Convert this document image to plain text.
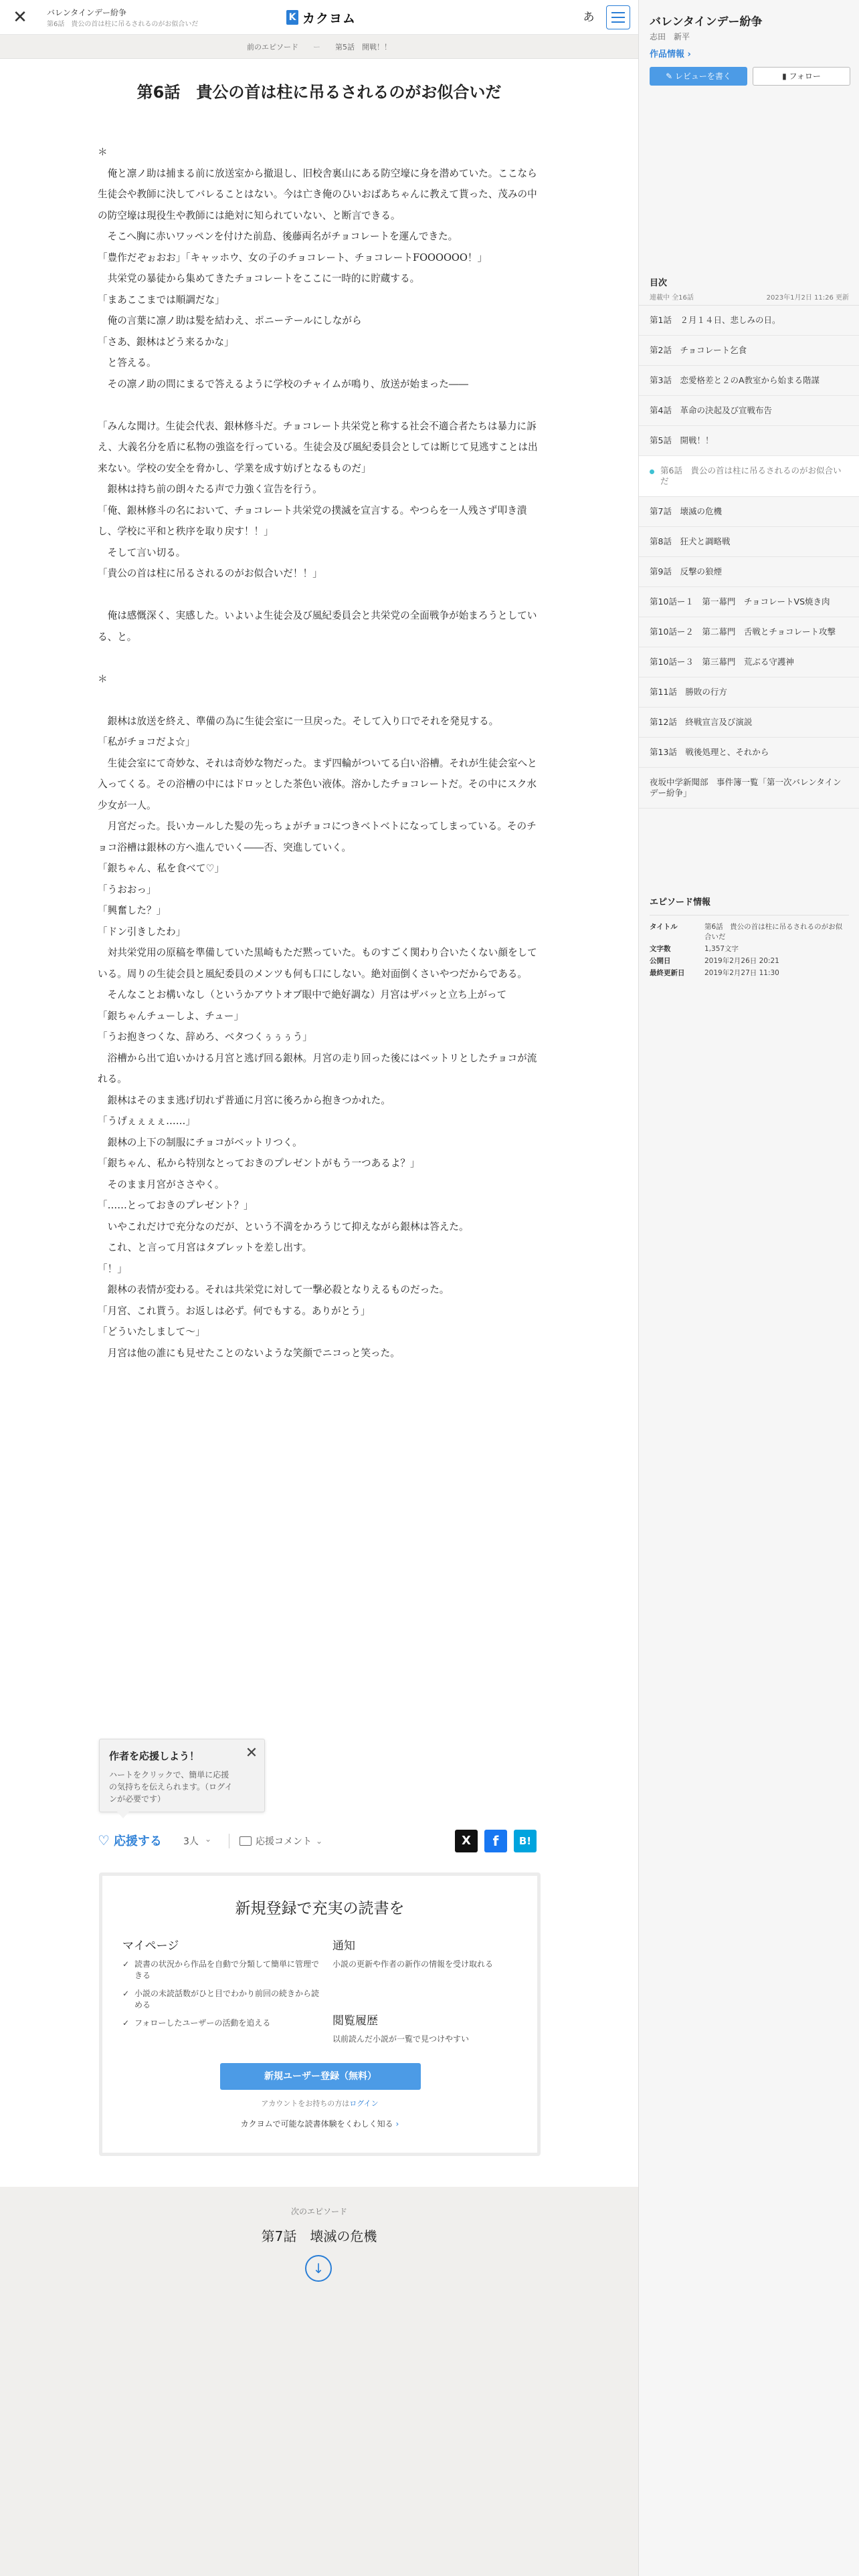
✕	バレンタインデー紛争
第6話　貴公の首は柱に吊るされるのがお似合いだ
K カクヨム	あ
前のエピソード ー 第5話　開戦！！
第6話　貴公の首は柱に吊るされるのがお似合いだ

＊

　俺と凛ノ助は捕まる前に放送室から撤退し、旧校舎裏山にある防空壕に身を潜めていた。ここなら生徒会や教師に決してバレることはない。今は亡き俺のひいおばあちゃんに教えて貰った、茂みの中の防空壕は現役生や教師には絶対に知られていない、と断言できる。

　そこへ胸に赤いワッペンを付けた前島、後藤両名がチョコレートを運んできた。

「豊作だぞぉおお」「キャッホウ、女の子のチョコレート、チョコレートFOOOOOO！」

　共栄党の暴徒から集めてきたチョコレートをここに一時的に貯蔵する。

「まあここまでは順調だな」

　俺の言葉に凛ノ助は髪を結わえ、ポニーテールにしながら

「さあ、銀林はどう来るかな」

　と答える。

　その凛ノ助の問にまるで答えるように学校のチャイムが鳴り、放送が始まった――

「みんな聞け。生徒会代表、銀林修斗だ。チョコレート共栄党と称する社会不適合者たちは暴力に訴え、大義名分を盾に私物の強盗を行っている。生徒会及び風紀委員会としては断じて見逃すことは出来ない。学校の安全を脅かし、学業を成す妨げとなるものだ」

　銀林は持ち前の朗々たる声で力強く宣告を行う。

「俺、銀林修斗の名において、チョコレート共栄党の撲滅を宣言する。やつらを一人残さず叩き潰し、学校に平和と秩序を取り戻す！！」

　そして言い切る。

「貴公の首は柱に吊るされるのがお似合いだ！！」

　俺は感慨深く、実感した。いよいよ生徒会及び風紀委員会と共栄党の全面戦争が始まろうとしている、と。

＊

　銀林は放送を終え、準備の為に生徒会室に一旦戻った。そして入り口でそれを発見する。

「私がチョコだよ☆」

　生徒会室にて奇妙な、それは奇妙な物だった。まず四輪がついてる白い浴槽。それが生徒会室へと入ってくる。その浴槽の中にはドロッとした茶色い液体。溶かしたチョコレートだ。その中にスク水少女が一人。

　月宮だった。長いカールした髪の先っちょがチョコにつきベトベトになってしまっている。そのチョコ浴槽は銀林の方へ進んでいく――否、突進していく。

「銀ちゃん、私を食べて♡」

「うおおっ」

「興奮した？」

「ドン引きしたわ」

　対共栄党用の原稿を準備していた黒崎もただ黙っていた。ものすごく関わり合いたくない顔をしている。周りの生徒会員と風紀委員のメンツも何も口にしない。絶対面倒くさいやつだからである。

　そんなことお構いなし（というかアウトオブ眼中で絶好調な）月宮はザバッと立ち上がって

「銀ちゃんチューしよ、チュー」

「うお抱きつくな、辞めろ、ベタつくぅぅぅう」

　浴槽から出て追いかける月宮と逃げ回る銀林。月宮の走り回った後にはベットリとしたチョコが流れる。

　銀林はそのまま逃げ切れず普通に月宮に後ろから抱きつかれた。

「うげぇぇぇぇ……」

　銀林の上下の制服にチョコがベットリつく。

「銀ちゃん、私から特別なとっておきのプレゼントがもう一つあるよ？」

　そのまま月宮がささやく。

「……とっておきのプレゼント？」

　いやこれだけで充分なのだが、という不満をかろうじて抑えながら銀林は答えた。

　これ、と言って月宮はタブレットを差し出す。

「！」

　銀林の表情が変わる。それは共栄党に対して一撃必殺となりえるものだった。

「月宮、これ貰う。お返しは必ず。何でもする。ありがとう」

「どういたしまして〜」

　月宮は他の誰にも見せたことのないような笑顔でニコっと笑った。

作者を応援しよう！	✕
ハートをクリックで、簡単に応援の気持ちを伝えられます。（ログインが必要です）
♡ 応援する 3人 ⌄	応援コメント ⌄	X	f	B!
新規登録で充実の読書を
マイページ
✓ 読書の状況から作品を自動で分類して簡単に管理できる
✓ 小説の未読話数がひと目でわかり前回の続きから読める
✓ フォローしたユーザーの活動を追える
通知
小説の更新や作者の新作の情報を受け取れる
閲覧履歴
以前読んだ小説が一覧で見つけやすい
新規ユーザー登録（無料）
アカウントをお持ちの方はログイン
カクヨムで可能な読書体験をくわしく知る ›
次のエピソード
第7話　壊滅の危機
↓
バレンタインデー紛争
志田　新平
作品情報 ›
✎ レビューを書く	▮ フォロー
目次
連載中 全16話	2023年1月2日 11:26 更新
第1話　２月１４日、悲しみの日。
第2話　チョコレート乞食
第3話　恋愛格差と２のA教室から始まる階謀
第4話　革命の決起及び宣戦布告
第5話　開戦！！
第6話　貴公の首は柱に吊るされるのがお似合いだ
第7話　壊滅の危機
第8話　狂犬と調略戦
第9話　反撃の狼煙
第10話ー１　第一幕門　チョコレートVS焼き肉
第10話ー２　第二幕門　舌戦とチョコレート攻撃
第10話ー３　第三幕門　荒ぶる守護神
第11話　勝敗の行方
第12話　終戦宣言及び演説
第13話　戦後処理と、それから
夜坂中学新聞部　事件簿一覧「第一次バレンタインデー紛争」
エピソード情報
タイトル	第6話　貴公の首は柱に吊るされるのがお似合いだ
文字数	1,357文字
公開日	2019年2月26日 20:21
最終更新日	2019年2月27日 11:30
